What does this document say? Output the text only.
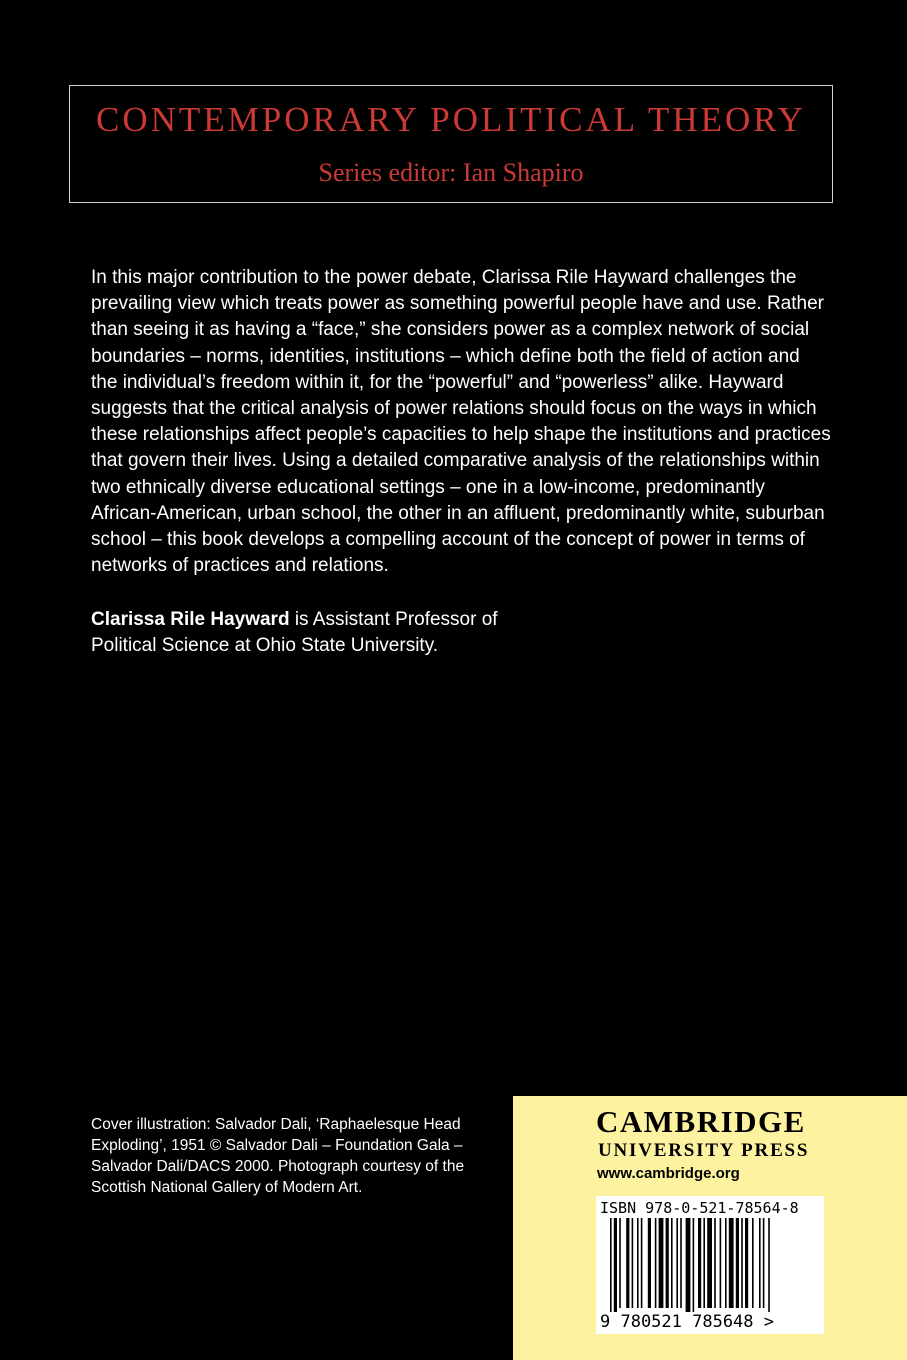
CONTEMPORARY POLITICAL THEORY
Series editor: Ian Shapiro

In this major contribution to the power debate, Clarissa Rile Hayward challenges the prevailing view which treats power as something powerful people have and use. Rather than seeing it as having a “face,” she considers power as a complex network of social boundaries – norms, identities, institutions – which define both the field of action and the individual’s freedom within it, for the “powerful” and “powerless” alike. Hayward suggests that the critical analysis of power relations should focus on the ways in which these relationships affect people’s capacities to help shape the institutions and practices that govern their lives. Using a detailed comparative analysis of the relationships within two ethnically diverse educational settings – one in a low-income, predominantly African-American, urban school, the other in an affluent, predominantly white, suburban school – this book develops a compelling account of the concept of power in terms of networks of practices and relations.

Clarissa Rile Hayward is Assistant Professor of Political Science at Ohio State University.

Cover illustration: Salvador Dali, ‘Raphaelesque Head Exploding’, 1951 © Salvador Dali – Foundation Gala – Salvador Dali/DACS 2000. Photograph courtesy of the Scottish National Gallery of Modern Art.

CAMBRIDGE
UNIVERSITY PRESS
www.cambridge.org
ISBN 978-0-521-78564-8
9 780521 785648 >
